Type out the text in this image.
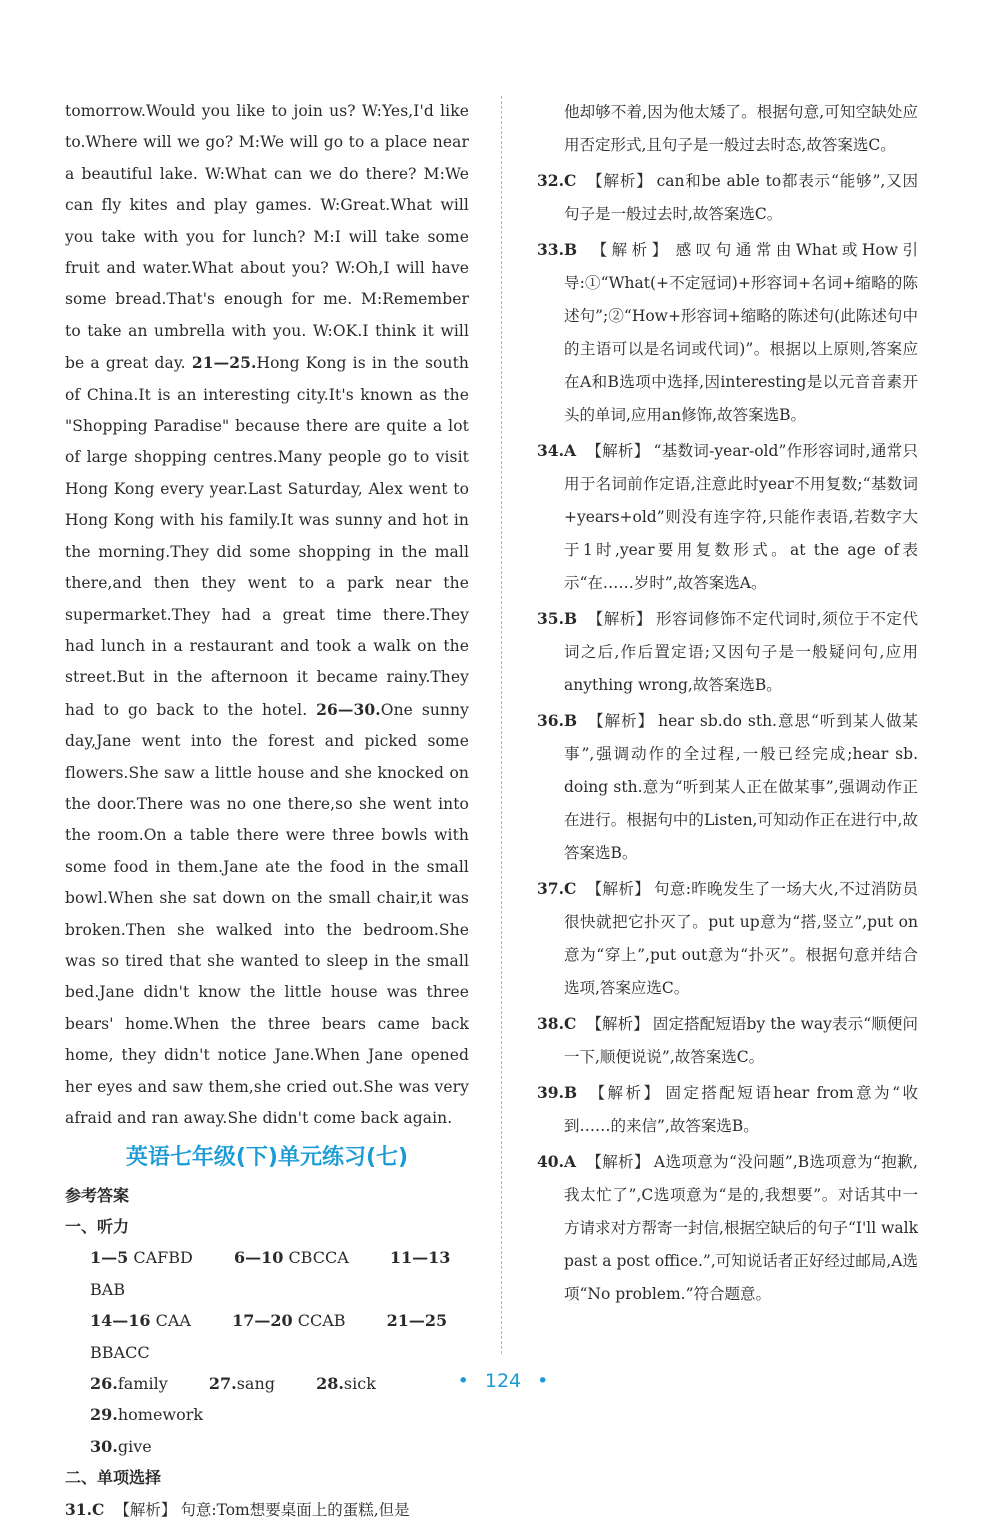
tomorrow.Would you like to join us? W:Yes,I'd like to.Where will we go? M:We will go to a place near a beautiful lake. W:What can we do there? M:We can fly kites and play games. W:Great.What will you take with you for lunch? M:I will take some fruit and water.What about you? W:Oh,I will have some bread.That's enough for me. M:Remember to take an umbrella with you. W:OK.I think it will be a great day. 21—25.Hong Kong is in the south of China.It is an interesting city.It's known as the "Shopping Paradise" because there are quite a lot of large shopping centres.Many people go to visit Hong Kong every year.Last Saturday, Alex went to Hong Kong with his family.It was sunny and hot in the morning.They did some shopping in the mall there,and then they went to a park near the supermarket.They had a great time there.They had lunch in a restaurant and took a walk on the street.But in the afternoon it became rainy.They had to go back to the hotel. 26—30.One sunny day,Jane went into the forest and picked some flowers.She saw a little house and she knocked on the door.There was no one there,so she went into the room.On a table there were three bowls with some food in them.Jane ate the food in the small bowl.When she sat down on the small chair,it was broken.Then she walked into the bedroom.She was so tired that she wanted to sleep in the small bed.Jane didn't know the little house was three bears' home.When the three bears came back home, they didn't notice Jane.When Jane opened her eyes and saw them,she cried out.She was very afraid and ran away.She didn't come back again.

英语七年级(下)单元练习(七)

参考答案

一、听力

1—5 CAFBD	6—10 CBCCA	11—13 BAB

14—16 CAA	17—20 CCAB	21—25 BBACC

26.family	27.sang	28.sick 29.homework

30.give

二、单项选择

31.C 【解析】 句意:Tom想要桌面上的蛋糕,但是

他却够不着,因为他太矮了。根据句意,可知空缺处应用否定形式,且句子是一般过去时态,故答案选C。

32.C 【解析】 can和be able to都表示“能够”,又因句子是一般过去时,故答案选C。

33.B 【解析】 感叹句通常由What或How引导:①“What(+不定冠词)+形容词+名词+缩略的陈述句”;②“How+形容词+缩略的陈述句(此陈述句中的主语可以是名词或代词)”。根据以上原则,答案应在A和B选项中选择,因interesting是以元音音素开头的单词,应用an修饰,故答案选B。

34.A 【解析】 “基数词-year-old”作形容词时,通常只用于名词前作定语,注意此时year不用复数;“基数词+years+old”则没有连字符,只能作表语,若数字大于1时,year要用复数形式。at the age of表示“在……岁时”,故答案选A。

35.B 【解析】 形容词修饰不定代词时,须位于不定代词之后,作后置定语;又因句子是一般疑问句,应用anything wrong,故答案选B。

36.B 【解析】 hear sb.do sth.意思“听到某人做某事”,强调动作的全过程,一般已经完成;hear sb. doing sth.意为“听到某人正在做某事”,强调动作正在进行。根据句中的Listen,可知动作正在进行中,故答案选B。

37.C 【解析】 句意:昨晚发生了一场大火,不过消防员很快就把它扑灭了。put up意为“搭,竖立”,put on意为“穿上”,put out意为“扑灭”。根据句意并结合选项,答案应选C。

38.C 【解析】 固定搭配短语by the way表示“顺便问一下,顺便说说”,故答案选C。

39.B 【解析】 固定搭配短语hear from意为“收到……的来信”,故答案选B。

40.A 【解析】 A选项意为“没问题”,B选项意为“抱歉,我太忙了”,C选项意为“是的,我想要”。对话其中一方请求对方帮寄一封信,根据空缺后的句子“I'll walk past a post office.”,可知说话者正好经过邮局,A选项“No problem.”符合题意。

• 124 •
